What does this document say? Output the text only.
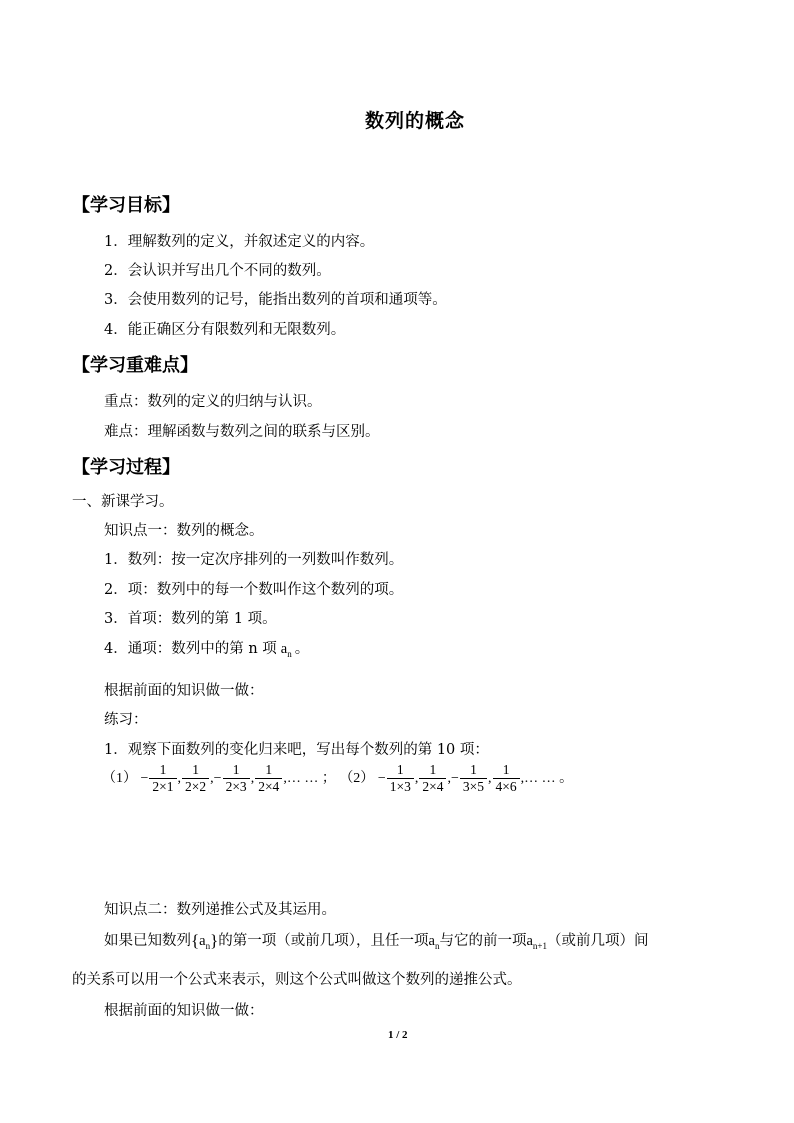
数列的概念
【学习目标】
1．理解数列的定义，并叙述定义的内容。
2．会认识并写出几个不同的数列。
3．会使用数列的记号，能指出数列的首项和通项等。
4．能正确区分有限数列和无限数列。
【学习重难点】
重点：数列的定义的归纳与认识。
难点：理解函数与数列之间的联系与区别。
【学习过程】
一、新课学习。
知识点一：数列的概念。
1．数列：按一定次序排列的一列数叫作数列。
2．项：数列中的每一个数叫作这个数列的项。
3．首项：数列的第 1 项。
4．通项：数列中的第 n 项 $a_n$ 。
根据前面的知识做一做：
练习：
1．观察下面数列的变化归来吧，写出每个数列的第 10 项：
$(1) - \frac{1}{2\times 1}$ , $\frac{1}{2\times 2}$ ,− $\frac{1}{2\times 3}$ , $\frac{1}{2\times 4}$ ,… … ； $(2) - \frac{1}{1\times 3}$ , $\frac{1}{2\times 4}$ ,− $\frac{1}{3\times 5}$ , $\frac{1}{4\times 6}$ ,… … 。
知识点二：数列递推公式及其运用。
如果已知数列$\{a_n\}$的第一项（或前几项），且任一项$a_n$与它的前一项$a_{n+1}$（或前几项）间
的关系可以用一个公式来表示，则这个公式叫做这个数列的递推公式。
根据前面的知识做一做：
1 / 2
